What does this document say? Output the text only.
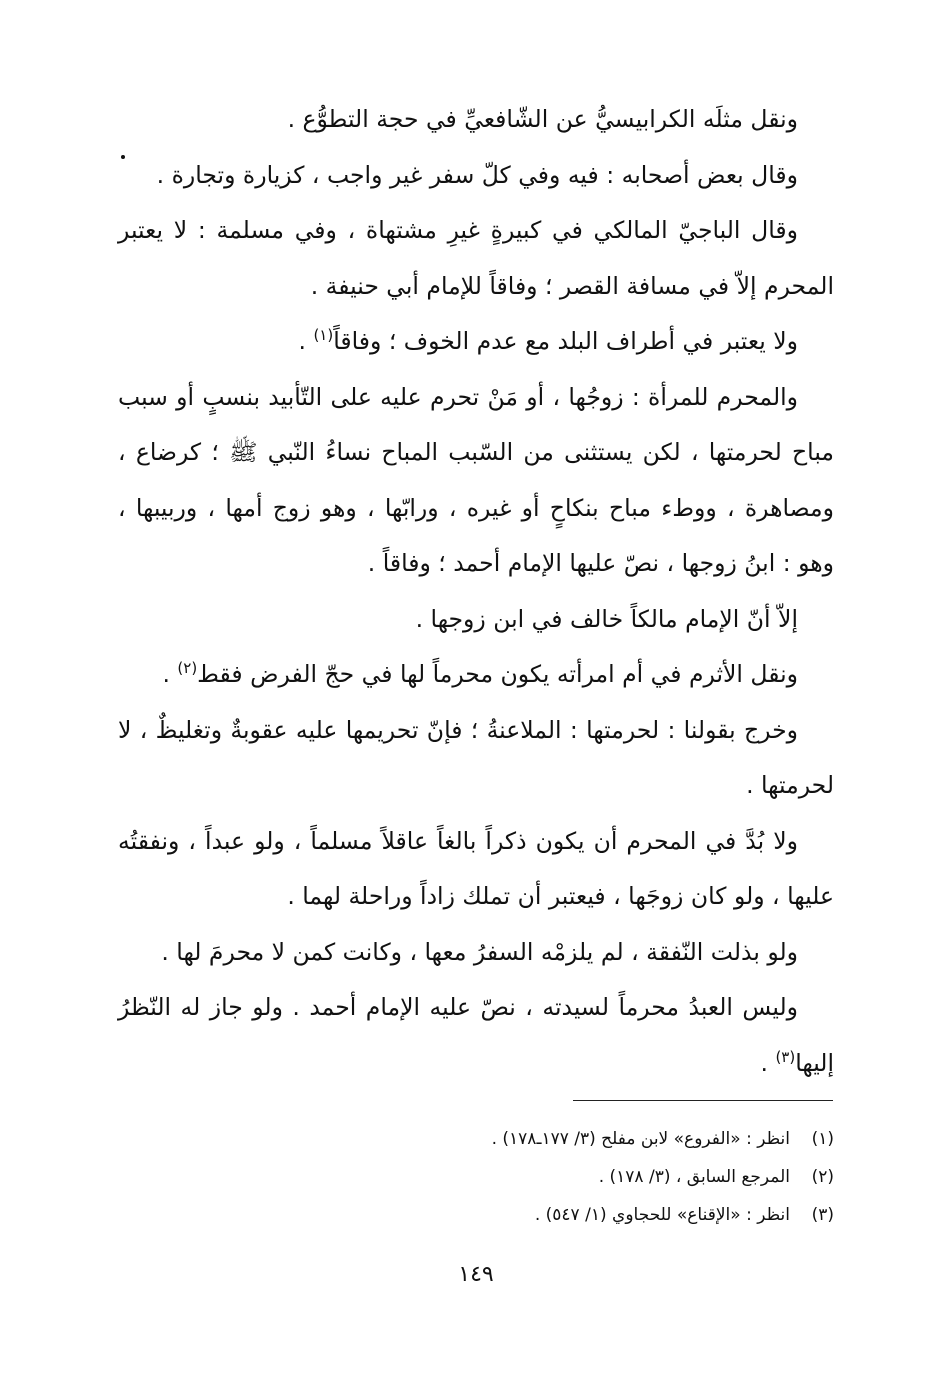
ونقل مثلَه الكرابيسيُّ عن الشّافعيِّ في حجة التطوُّع .

وقال بعض أصحابه : فيه وفي كلّ سفر غير واجب ، كزيارة وتجارة .

وقال الباجيّ المالكي في كبيرةٍ غيرِ مشتهاة ، وفي مسلمة : لا يعتبر المحرم إلاّ في مسافة القصر ؛ وفاقاً للإمام أبي حنيفة .

ولا يعتبر في أطراف البلد مع عدم الخوف ؛ وفاقاً$^{(١)}$ .

والمحرم للمرأة : زوجُها ، أو مَنْ تحرم عليه على التّأبيد بنسبٍ أو سبب مباح لحرمتها ، لكن يستثنى من السّبب المباح نساءُ النّبي ﷺ ؛ كرضاع ، ومصاهرة ، ووطء مباح بنكاحٍ أو غيره ، ورابّها ، وهو زوج أمها ، وربيبها ، وهو : ابنُ زوجها ، نصّ عليها الإمام أحمد ؛ وفاقاً .

إلاّ أنّ الإمام مالكاً خالف في ابن زوجها .

ونقل الأثرم في أم امرأته يكون محرماً لها في حجّ الفرض فقط$^{(٢)}$ .

وخرج بقولنا : لحرمتها : الملاعنةُ ؛ فإنّ تحريمها عليه عقوبةٌ وتغليظٌ ، لا لحرمتها .

ولا بُدَّ في المحرم أن يكون ذكراً بالغاً عاقلاً مسلماً ، ولو عبداً ، ونفقتُه عليها ، ولو كان زوجَها ، فيعتبر أن تملك زاداً وراحلة لهما .

ولو بذلت النّفقة ، لم يلزمْه السفرُ معها ، وكانت كمن لا محرمَ لها .

وليس العبدُ محرماً لسيدته ، نصّ عليه الإمام أحمد . ولو جاز له النّظرُ إليها$^{(٣)}$ .

(١)انظر : «الفروع» لابن مفلح (٣/ ١٧٧ـ١٧٨) .

(٢)المرجع السابق ، (٣/ ١٧٨) .

(٣)انظر : «الإقناع» للحجاوي (١/ ٥٤٧) .

١٤٩
